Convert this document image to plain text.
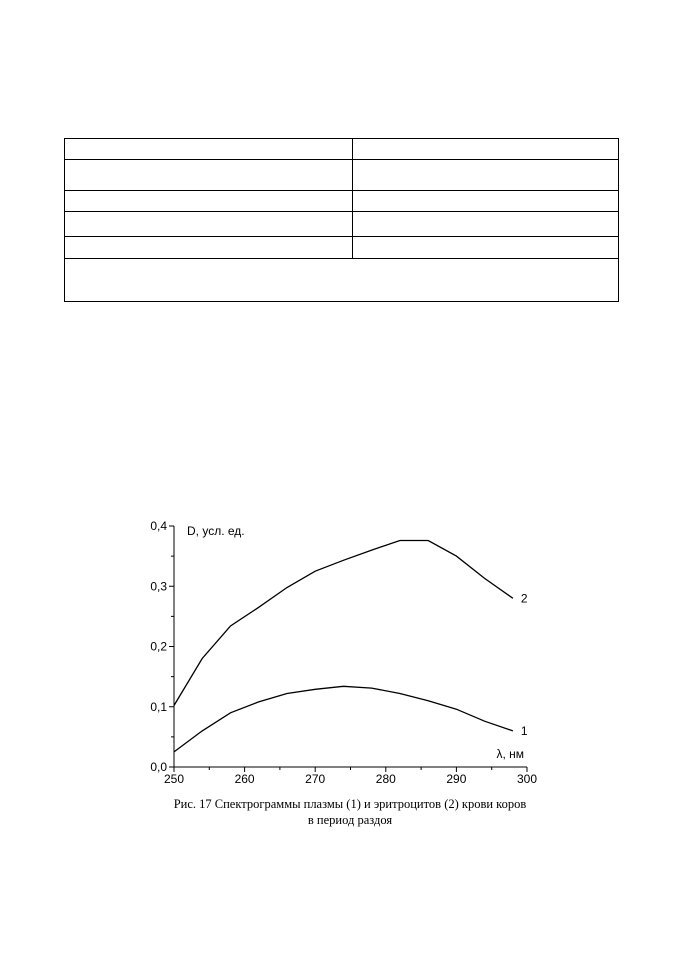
250	260	270	280	290	300
0,0
0,1
0,2
0,3
0,4
1
2
D, усл. ед.
λ, нм
Рис. 17 Спектрограммы плазмы (1) и эритроцитов (2) крови коров
в период раздоя
